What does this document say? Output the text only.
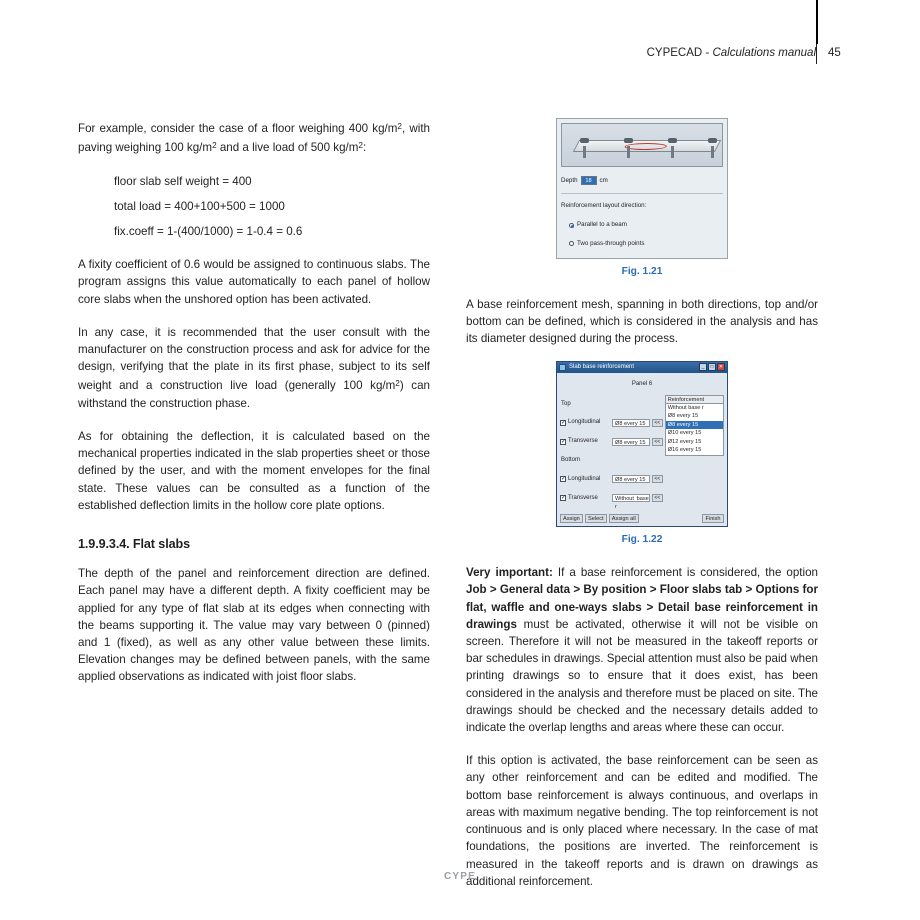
CYPECAD - Calculations manual 45

For example, consider the case of a floor weighing 400 $kg/m^2$, with paving weighing 100 $kg/m^2$ and a live load of 500 $kg/m^2$:

floor slab self weight = 400

total load = 400+100+500 = 1000

fix.coeff = 1-(400/1000) = 1-0.4 = 0.6

A fixity coefficient of 0.6 would be assigned to continuous slabs. The program assigns this value automatically to each panel of hollow core slabs when the unshored option has been activated.

In any case, it is recommended that the user consult with the manufacturer on the construction process and ask for advice for the design, verifying that the plate in its first phase, subject to its self weight and a construction live load (generally 100 $kg/m^2$) can withstand the construction phase.

As for obtaining the deflection, it is calculated based on the mechanical properties indicated in the slab properties sheet or those defined by the user, and with the moment envelopes for the final state. These values can be consulted as a function of the established deflection limits in the hollow core plate options.

1.9.9.3.4. Flat slabs

The depth of the panel and reinforcement direction are defined. Each panel may have a different depth. A fixity coefficient may be applied for any type of flat slab at its edges when connecting with the beams supporting it. The value may vary between 0 (pinned) and 1 (fixed), as well as any other value between these limits. Elevation changes may be defined between panels, with the same applied observations as indicated with joist floor slabs.

Depth	18	cm
Reinforcement layout direction:
Parallel to a beam
Two pass-through points
Fig. 1.21

A base reinforcement mesh, spanning in both directions, top and/or bottom can be defined, which is considered in the analysis and has its diameter designed during the process.

Slab base reinforcement	_	□	✕
Panel 6
Top
✓
Longitudinal	Ø8 every 15	<<
✓
Transverse	Ø8 every 15	<<
Bottom
✓
Longitudinal	Ø8 every 15	<<
✓
Transverse	Without base r
<<
Reinforcement
Without base r
Ø8 every 15
Ø8 every 15
Ø10 every 15
Ø12 every 15
Ø16 every 15
Assign	Select	Assign all	Finish
Fig. 1.22

Very important: If a base reinforcement is considered, the option Job > General data > By position > Floor slabs tab > Options for flat, waffle and one-ways slabs > Detail base reinforcement in drawings must be activated, otherwise it will not be visible on screen. Therefore it will not be measured in the takeoff reports or bar schedules in drawings. Special attention must also be paid when printing drawings so to ensure that it does exist, has been considered in the analysis and therefore must be placed on site. The drawings should be checked and the necessary details added to indicate the overlap lengths and areas where these can occur.

If this option is activated, the base reinforcement can be seen as any other reinforcement and can be edited and modified. The bottom base reinforcement is always continuous, and overlaps in areas with maximum negative bending. The top reinforcement is not continuous and is only placed where necessary. In the case of mat foundations, the positions are inverted. The reinforcement is measured in the takeoff reports and is drawn on drawings as additional reinforcement.

CYPE
